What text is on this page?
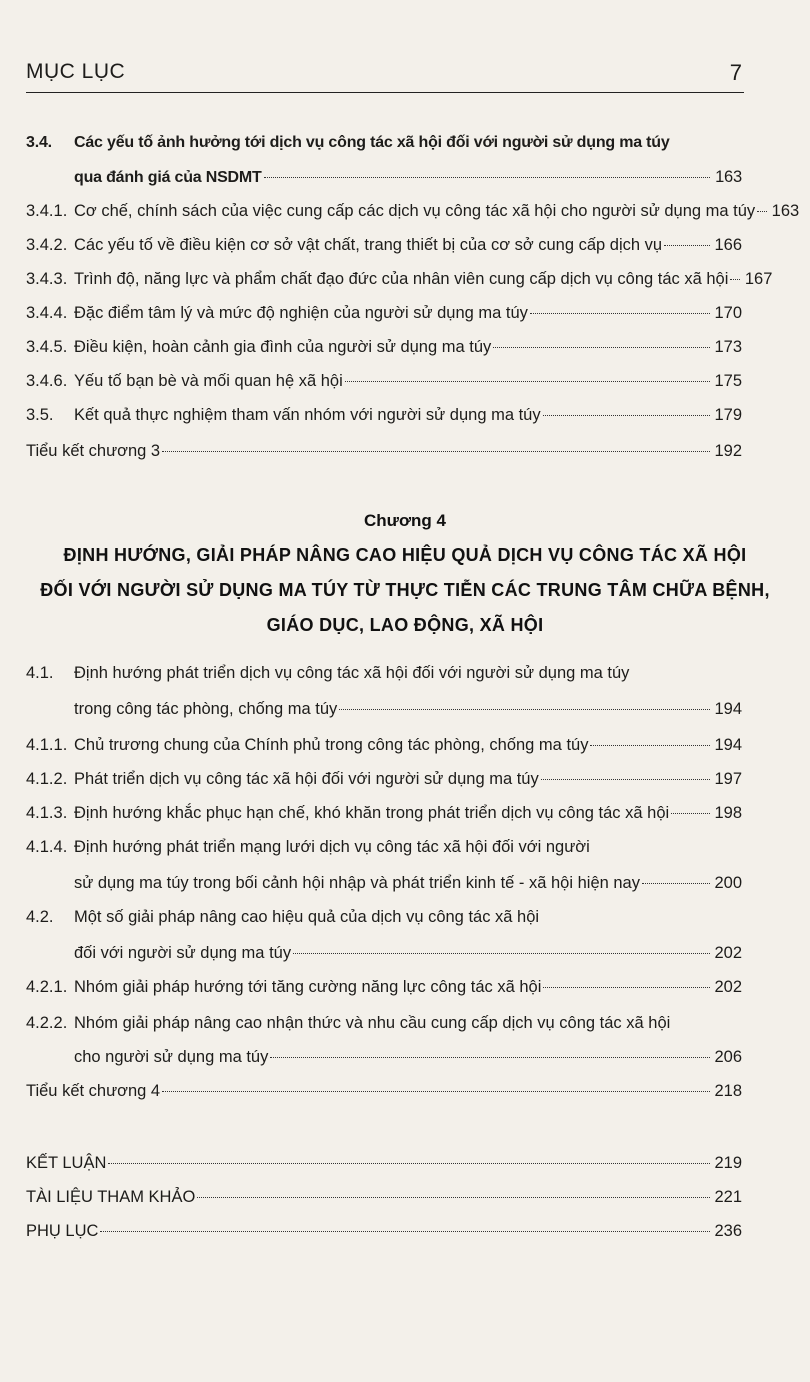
MỤC LỤC	7
3.4. Các yếu tố ảnh hưởng tới dịch vụ công tác xã hội đối với người sử dụng ma túy
qua đánh giá của NSDMT	163
3.4.1. Cơ chế, chính sách của việc cung cấp các dịch vụ công tác xã hội cho người sử dụng ma túy 163
3.4.2. Các yếu tố về điều kiện cơ sở vật chất, trang thiết bị của cơ sở cung cấp dịch vụ	166
3.4.3. Trình độ, năng lực và phẩm chất đạo đức của nhân viên cung cấp dịch vụ công tác xã hội 167
3.4.4. Đặc điểm tâm lý và mức độ nghiện của người sử dụng ma túy	170
3.4.5. Điều kiện, hoàn cảnh gia đình của người sử dụng ma túy	173
3.4.6. Yếu tố bạn bè và mối quan hệ xã hội	175
3.5.	Kết quả thực nghiệm tham vấn nhóm với người sử dụng ma túy	179
Tiểu kết chương 3	192
Chương 4
ĐỊNH HƯỚNG, GIẢI PHÁP NÂNG CAO HIỆU QUẢ DỊCH VỤ CÔNG TÁC XÃ HỘI
ĐỐI VỚI NGƯỜI SỬ DỤNG MA TÚY TỪ THỰC TIỄN CÁC TRUNG TÂM CHỮA BỆNH,
GIÁO DỤC, LAO ĐỘNG, XÃ HỘI
4.1. Định hướng phát triển dịch vụ công tác xã hội đối với người sử dụng ma túy
trong công tác phòng, chống ma túy	194
4.1.1. Chủ trương chung của Chính phủ trong công tác phòng, chống ma túy	194
4.1.2. Phát triển dịch vụ công tác xã hội đối với người sử dụng ma túy	197
4.1.3. Định hướng khắc phục hạn chế, khó khăn trong phát triển dịch vụ công tác xã hội	198
4.1.4. Định hướng phát triển mạng lưới dịch vụ công tác xã hội đối với người
sử dụng ma túy trong bối cảnh hội nhập và phát triển kinh tế - xã hội hiện nay	200
4.2. Một số giải pháp nâng cao hiệu quả của dịch vụ công tác xã hội
đối với người sử dụng ma túy	202
4.2.1. Nhóm giải pháp hướng tới tăng cường năng lực công tác xã hội	202
4.2.2. Nhóm giải pháp nâng cao nhận thức và nhu cầu cung cấp dịch vụ công tác xã hội
cho người sử dụng ma túy	206
Tiểu kết chương 4	218
KẾT LUẬN	219
TÀI LIỆU THAM KHẢO	221
PHỤ LỤC	236
